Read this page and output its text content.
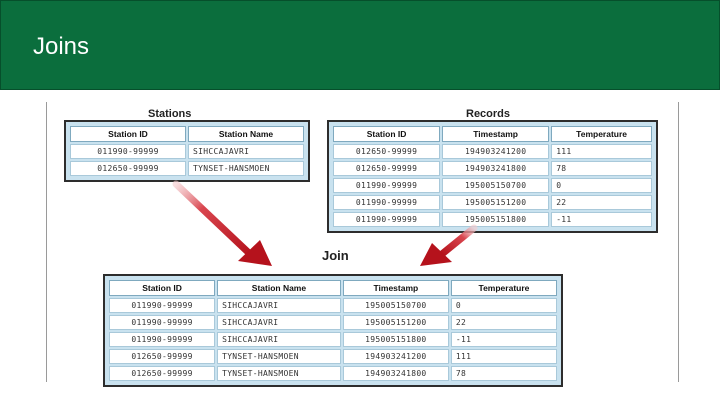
Joins
Stations
Station ID	Station Name
011990-99999	SIHCCAJAVRI
012650-99999	TYNSET-HANSMOEN
Records
Station ID	Timestamp	Temperature
012650-99999	194903241200	111
012650-99999	194903241800	78
011990-99999	195005150700	0
011990-99999	195005151200	22
011990-99999	195005151800	-11
Join
Station ID	Station Name	Timestamp	Temperature
011990-99999	SIHCCAJAVRI	195005150700	0
011990-99999	SIHCCAJAVRI	195005151200	22
011990-99999	SIHCCAJAVRI	195005151800	-11
012650-99999	TYNSET-HANSMOEN	194903241200	111
012650-99999	TYNSET-HANSMOEN	194903241800	78
